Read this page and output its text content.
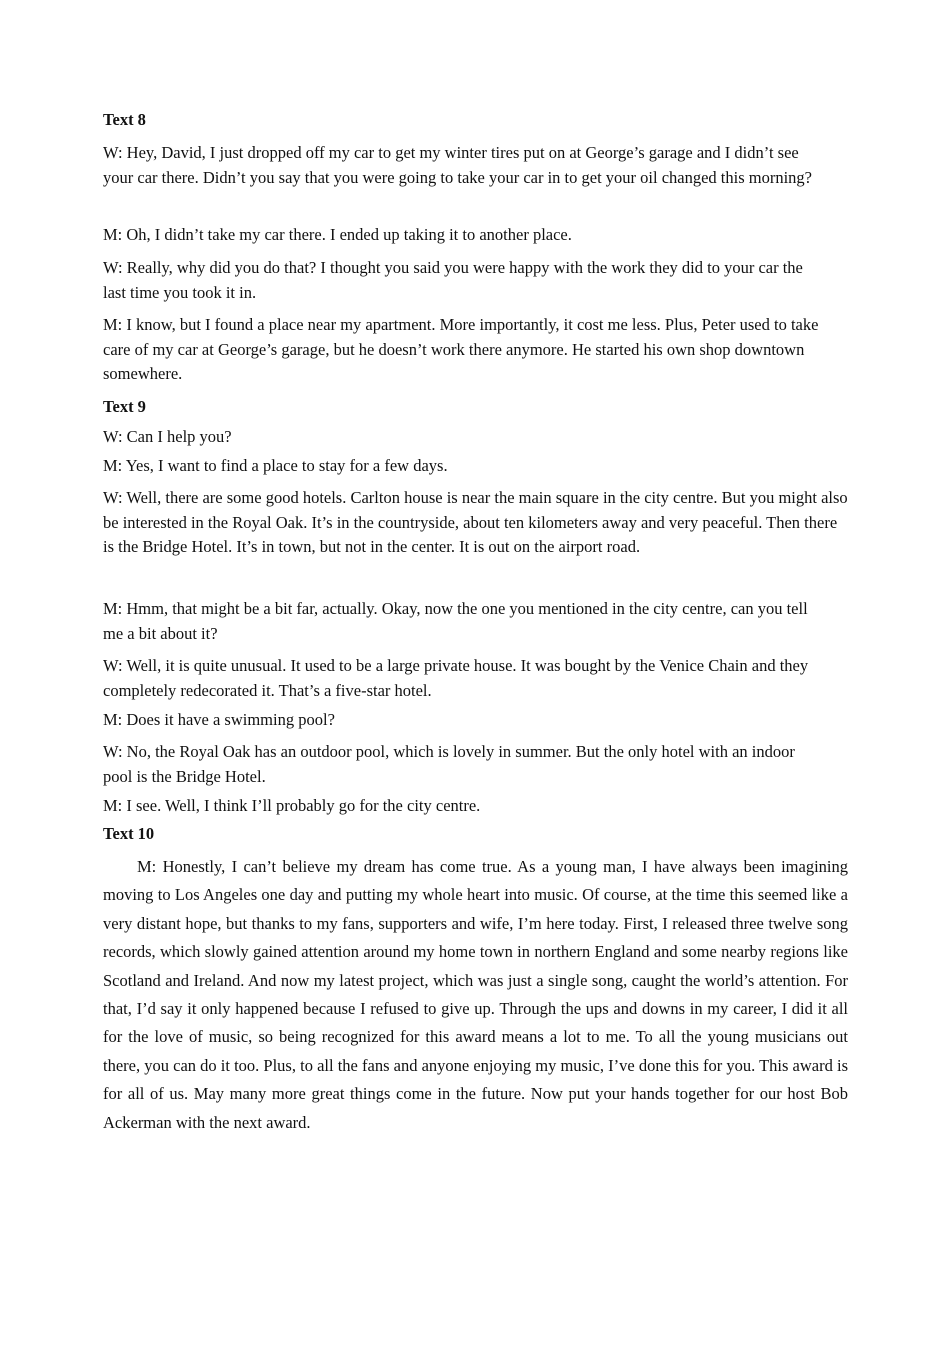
Text 8

W: Hey, David, I just dropped off my car to get my winter tires put on at George’s garage and I didn’t see your car there. Didn’t you say that you were going to take your car in to get your oil changed this morning?

M: Oh, I didn’t take my car there. I ended up taking it to another place.

W: Really, why did you do that? I thought you said you were happy with the work they did to your car the last time you took it in.

M: I know, but I found a place near my apartment. More importantly, it cost me less. Plus, Peter used to take care of my car at George’s garage, but he doesn’t work there anymore. He started his own shop downtown somewhere.

Text 9

W: Can I help you?

M: Yes, I want to find a place to stay for a few days.

W: Well, there are some good hotels. Carlton house is near the main square in the city centre. But you might also be interested in the Royal Oak. It’s in the countryside, about ten kilometers away and very peaceful. Then there is the Bridge Hotel. It’s in town, but not in the center. It is out on the airport road.

M: Hmm, that might be a bit far, actually. Okay, now the one you mentioned in the city centre, can you tell me a bit about it?

W: Well, it is quite unusual. It used to be a large private house. It was bought by the Venice Chain and they completely redecorated it. That’s a five-star hotel.

M: Does it have a swimming pool?

W: No, the Royal Oak has an outdoor pool, which is lovely in summer. But the only hotel with an indoor pool is the Bridge Hotel.

M: I see. Well, I think I’ll probably go for the city centre.

Text 10

M: Honestly, I can’t believe my dream has come true. As a young man, I have always been imagining moving to Los Angeles one day and putting my whole heart into music. Of course, at the time this seemed like a very distant hope, but thanks to my fans, supporters and wife, I’m here today. First, I released three twelve song records, which slowly gained attention around my home town in northern England and some nearby regions like Scotland and Ireland. And now my latest project, which was just a single song, caught the world’s attention. For that, I’d say it only happened because I refused to give up. Through the ups and downs in my career, I did it all for the love of music, so being recognized for this award means a lot to me. To all the young musicians out there, you can do it too. Plus, to all the fans and anyone enjoying my music, I’ve done this for you. This award is for all of us. May many more great things come in the future. Now put your hands together for our host Bob Ackerman with the next award.
